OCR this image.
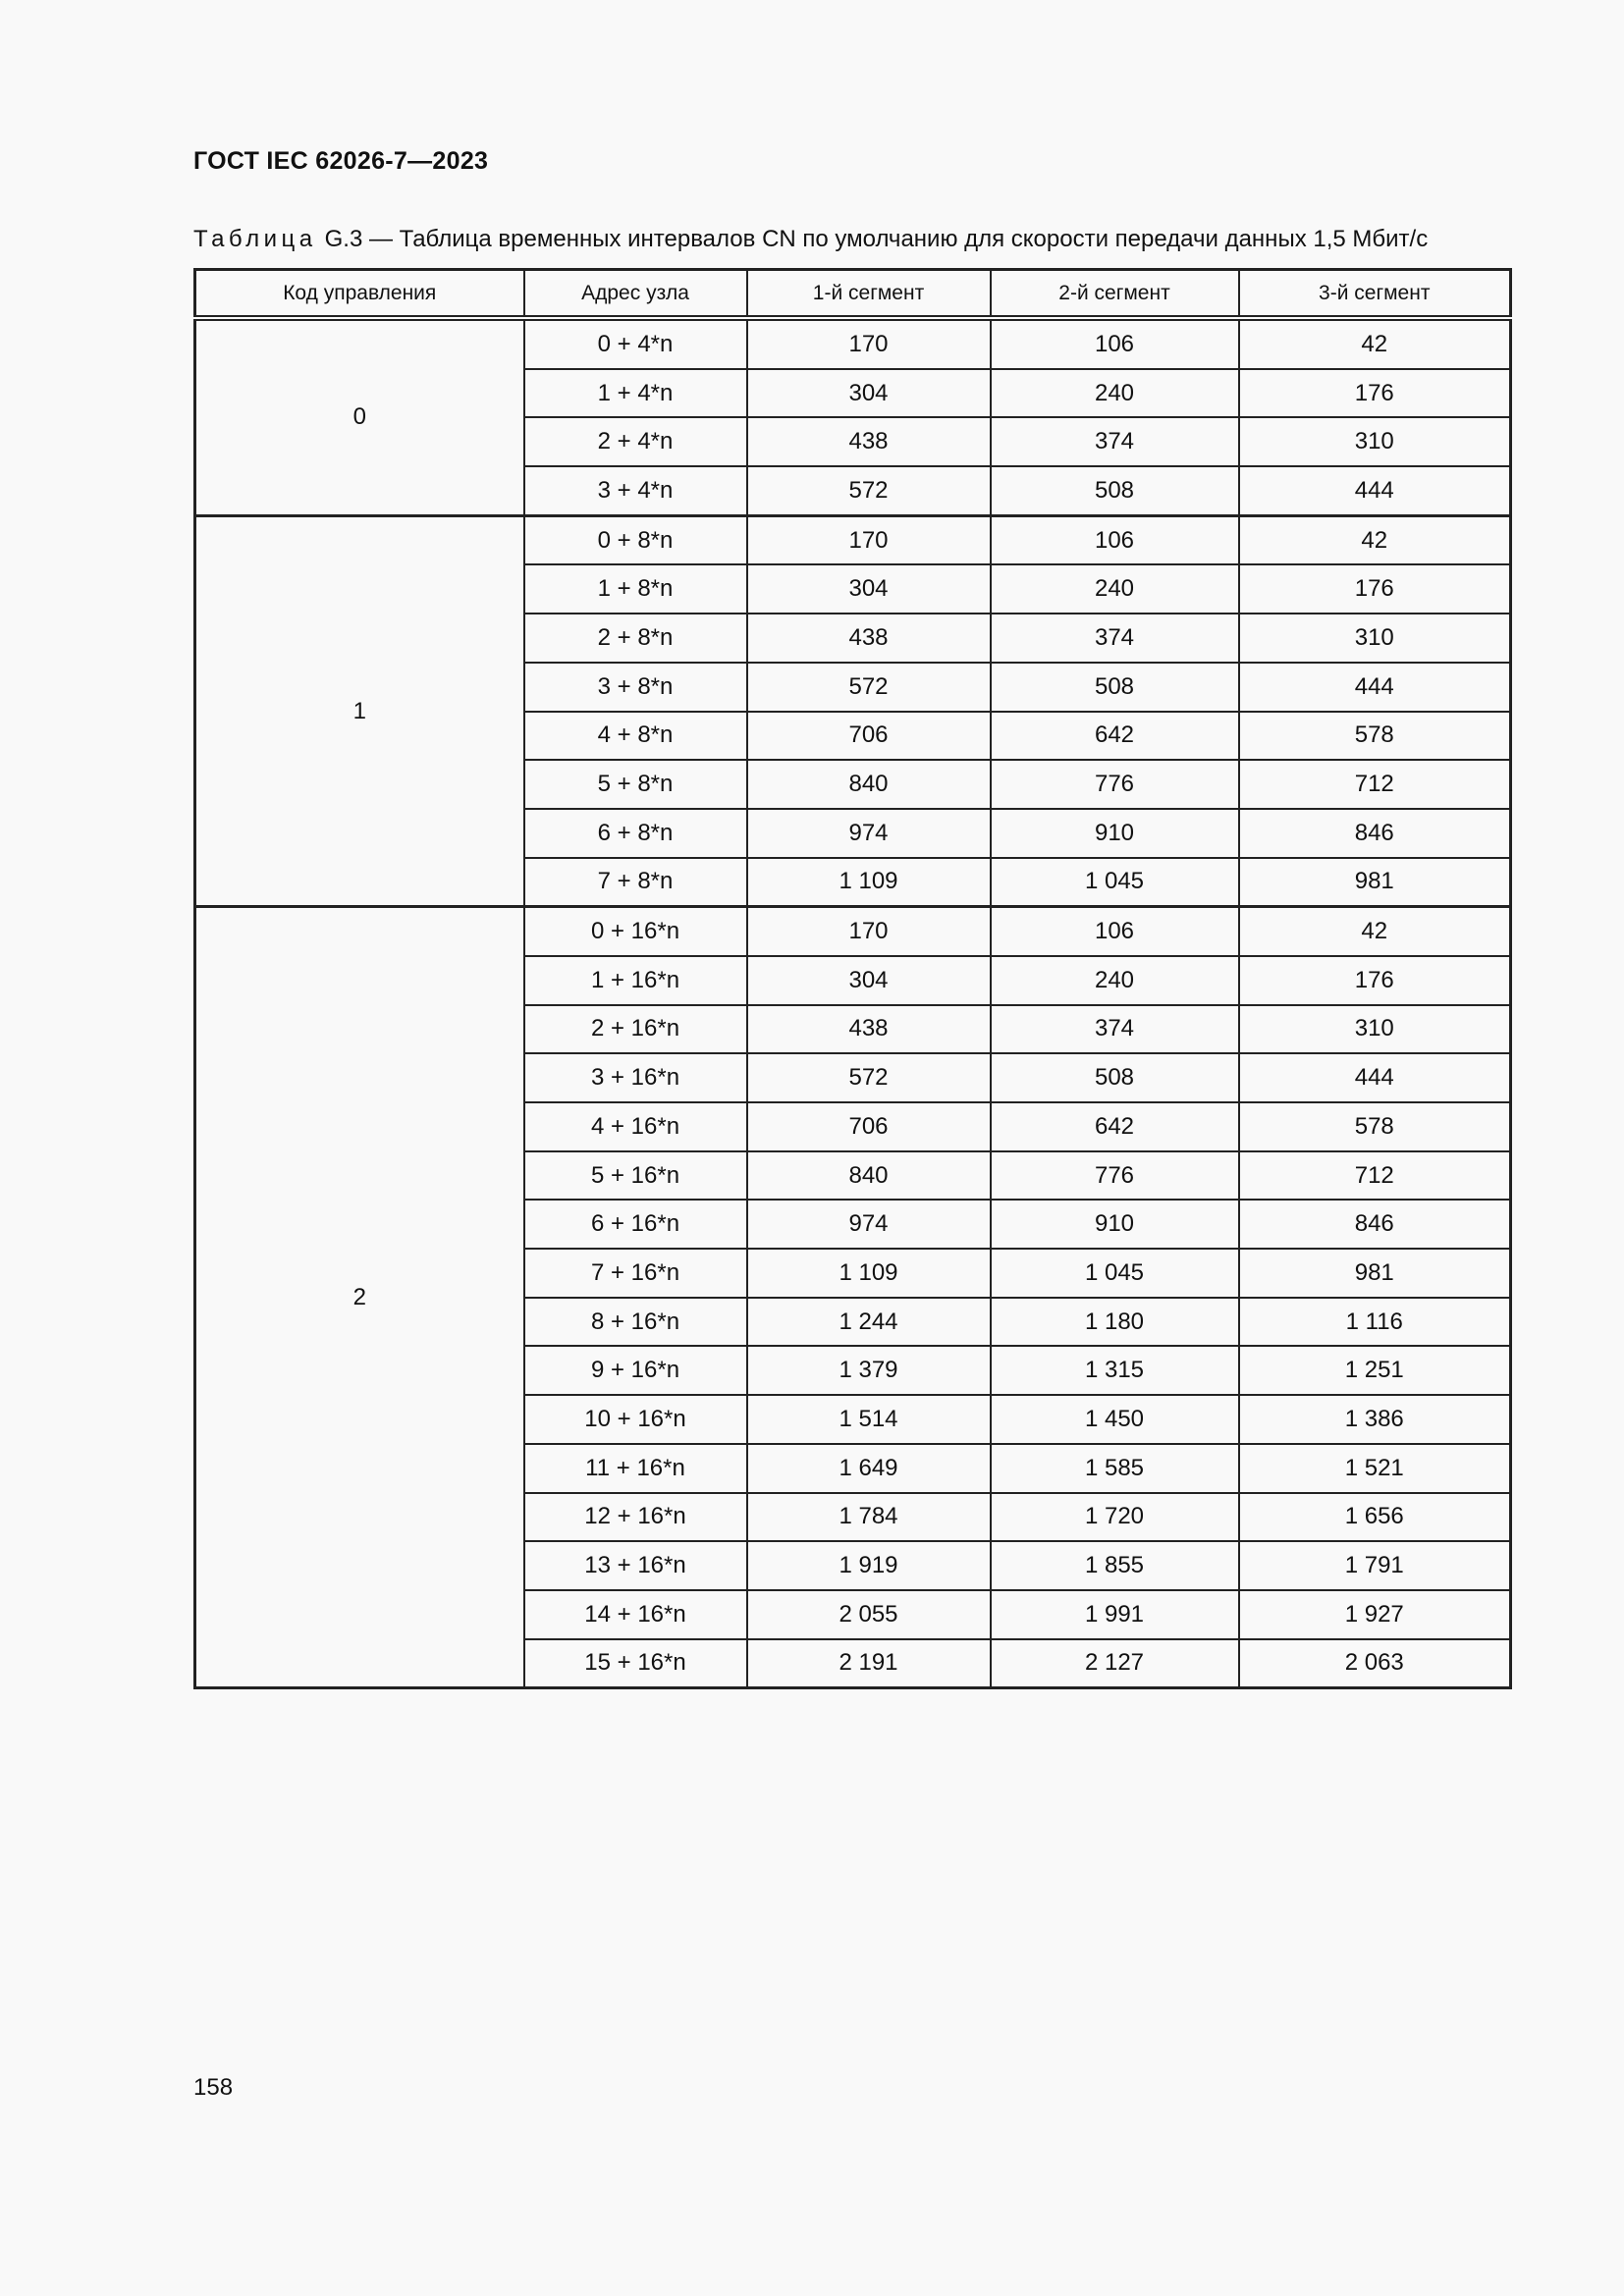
ГОСТ IEC 62026-7—2023
Таблица G.3 — Таблица временных интервалов CN по умолчанию для скорости передачи данных 1,5 Мбит/с
Код управления	Адрес узла	1-й сегмент	2-й сегмент	3-й сегмент
0	0 + 4*n	170	106	42
	1 + 4*n	304	240	176
	2 + 4*n	438	374	310
	3 + 4*n	572	508	444
1	0 + 8*n	170	106	42
	1 + 8*n	304	240	176
	2 + 8*n	438	374	310
	3 + 8*n	572	508	444
	4 + 8*n	706	642	578
	5 + 8*n	840	776	712
	6 + 8*n	974	910	846
	7 + 8*n	1 109	1 045	981
2	0 + 16*n	170	106	42
	1 + 16*n	304	240	176
	2 + 16*n	438	374	310
	3 + 16*n	572	508	444
	4 + 16*n	706	642	578
	5 + 16*n	840	776	712
	6 + 16*n	974	910	846
	7 + 16*n	1 109	1 045	981
	8 + 16*n	1 244	1 180	1 116
	9 + 16*n	1 379	1 315	1 251
	10 + 16*n	1 514	1 450	1 386
	11 + 16*n	1 649	1 585	1 521
	12 + 16*n	1 784	1 720	1 656
	13 + 16*n	1 919	1 855	1 791
	14 + 16*n	2 055	1 991	1 927
	15 + 16*n	2 191	2 127	2 063
158
